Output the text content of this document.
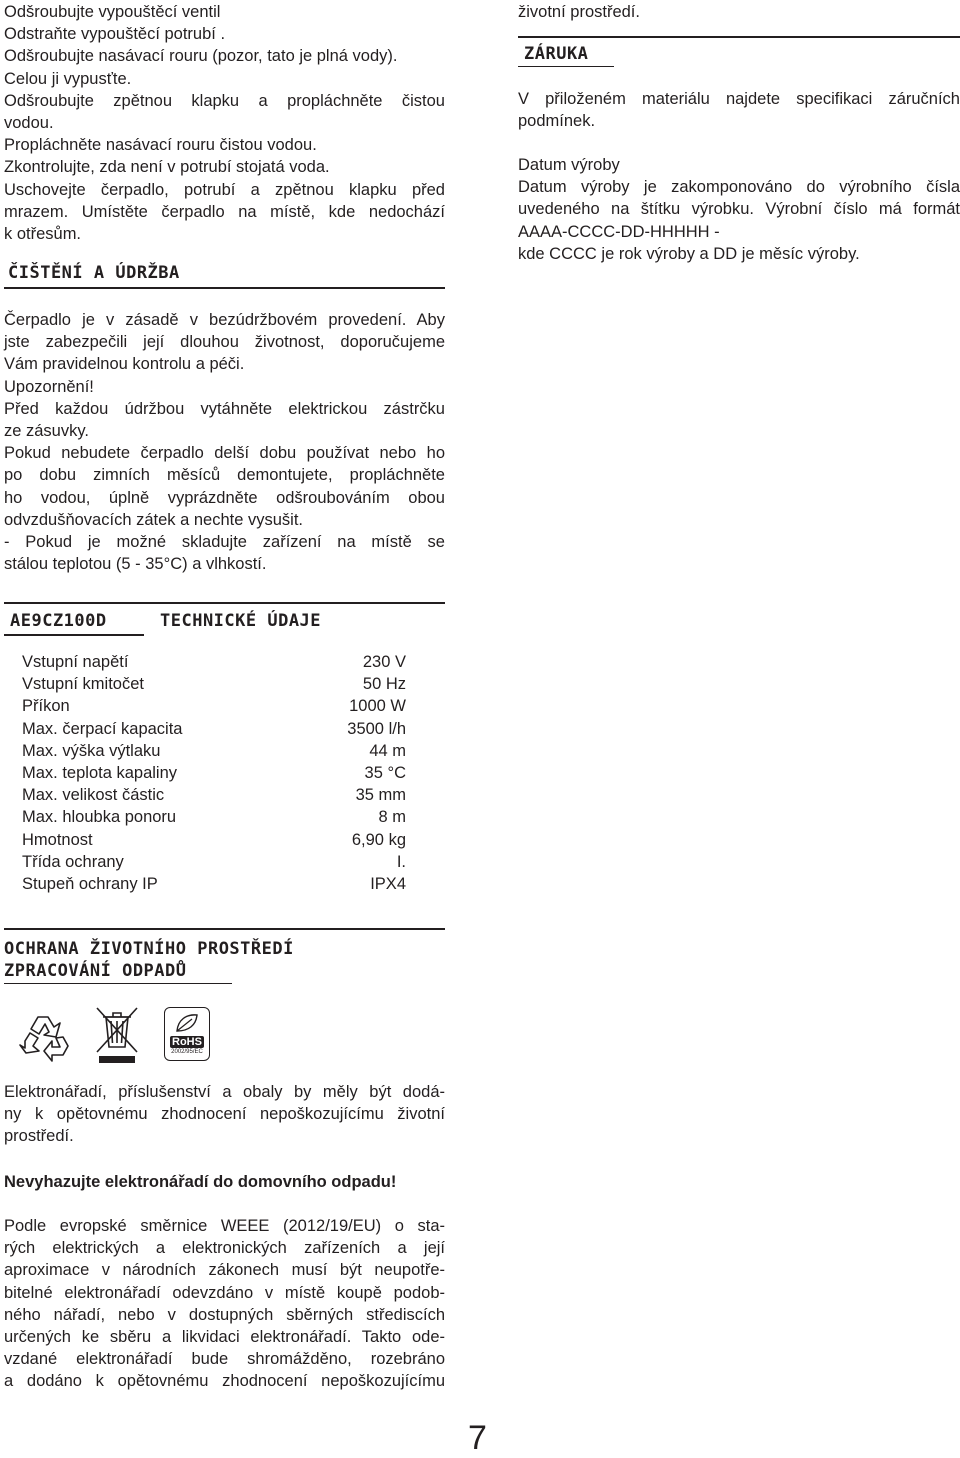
Odšroubujte vypouštěcí ventil
Odstraňte vypouštěcí potrubí .
Odšroubujte nasávací rouru (pozor, tato je plná vody).
Celou ji vypusťte.
Odšroubujte zpětnou klapku a propláchněte čistou
vodou.
Propláchněte nasávací rouru čistou vodou.
Zkontrolujte, zda není v potrubí stojatá voda.
Uschovejte čerpadlo, potrubí a zpětnou klapku před
mrazem. Umístěte čerpadlo na místě, kde nedochází
k otřesům.

ČIŠTĚNÍ A ÚDRŽBA

Čerpadlo je v zásadě v bezúdržbovém provedení. Aby
jste zabezpečili její dlouhou životnost, doporučujeme
Vám pravidelnou kontrolu a péči.
Upozornění!
Před každou údržbou vytáhněte elektrickou zástrčku
ze zásuvky.
Pokud nebudete čerpadlo delší dobu používat nebo ho
po dobu zimních měsíců demontujete, propláchněte
ho vodou, úplně vyprázdněte odšroubováním obou
odvzdušňovacích zátek a nechte vysušit.
- Pokud je možné skladujte zařízení na místě se
stálou teplotou (5 - 35°C) a vlhkostí.

AE9CZ100D	TECHNICKÉ ÚDAJE
OCHRANA ŽIVOTNÍHO PROSTŘEDÍ
ZPRACOVÁNÍ ODPADŮ

Elektronářadí, příslušenství a obaly by měly být dodá-
ny k opětovnému zhodnocení nepoškozujícímu životní
prostředí.

Nevyhazujte elektronářadí do domovního odpadu!

Podle evropské směrnice WEEE (2012/19/EU) o sta-
rých elektrických a elektronických zařízeních a její
aproximace v národních zákonech musí být neupotře-
bitelné elektronářadí odevzdáno v místě koupě podob-
ného nářadí, nebo v dostupných sběrných střediscích
určených ke sběru a likvidaci elektronářadí. Takto ode-
vzdané elektronářadí bude shromážděno, rozebráno
a dodáno k opětovnému zhodnocení nepoškozujícímu

Vstupní napětí	230 V
Vstupní kmitočet	50 Hz
Příkon	1000 W
Max. čerpací kapacita	3500 l/h
Max. výška výtlaku	44 m
Max. teplota kapaliny	35 °C
Max. velikost částic	35 mm
Max. hloubka ponoru	8 m
Hmotnost	6,90 kg
Třída ochrany	I.
Stupeň ochrany IP	IPX4
RoHS
2002/95/EC

životní prostředí.

ZÁRUKA

V přiloženém materiálu najdete specifikaci záručních
podmínek.

Datum výroby
Datum výroby je zakomponováno do výrobního čísla
uvedeného na štítku výrobku. Výrobní číslo má formát
AAAA-CCCC-DD-HHHHH -
kde CCCC je rok výroby a DD je měsíc výroby.

7
